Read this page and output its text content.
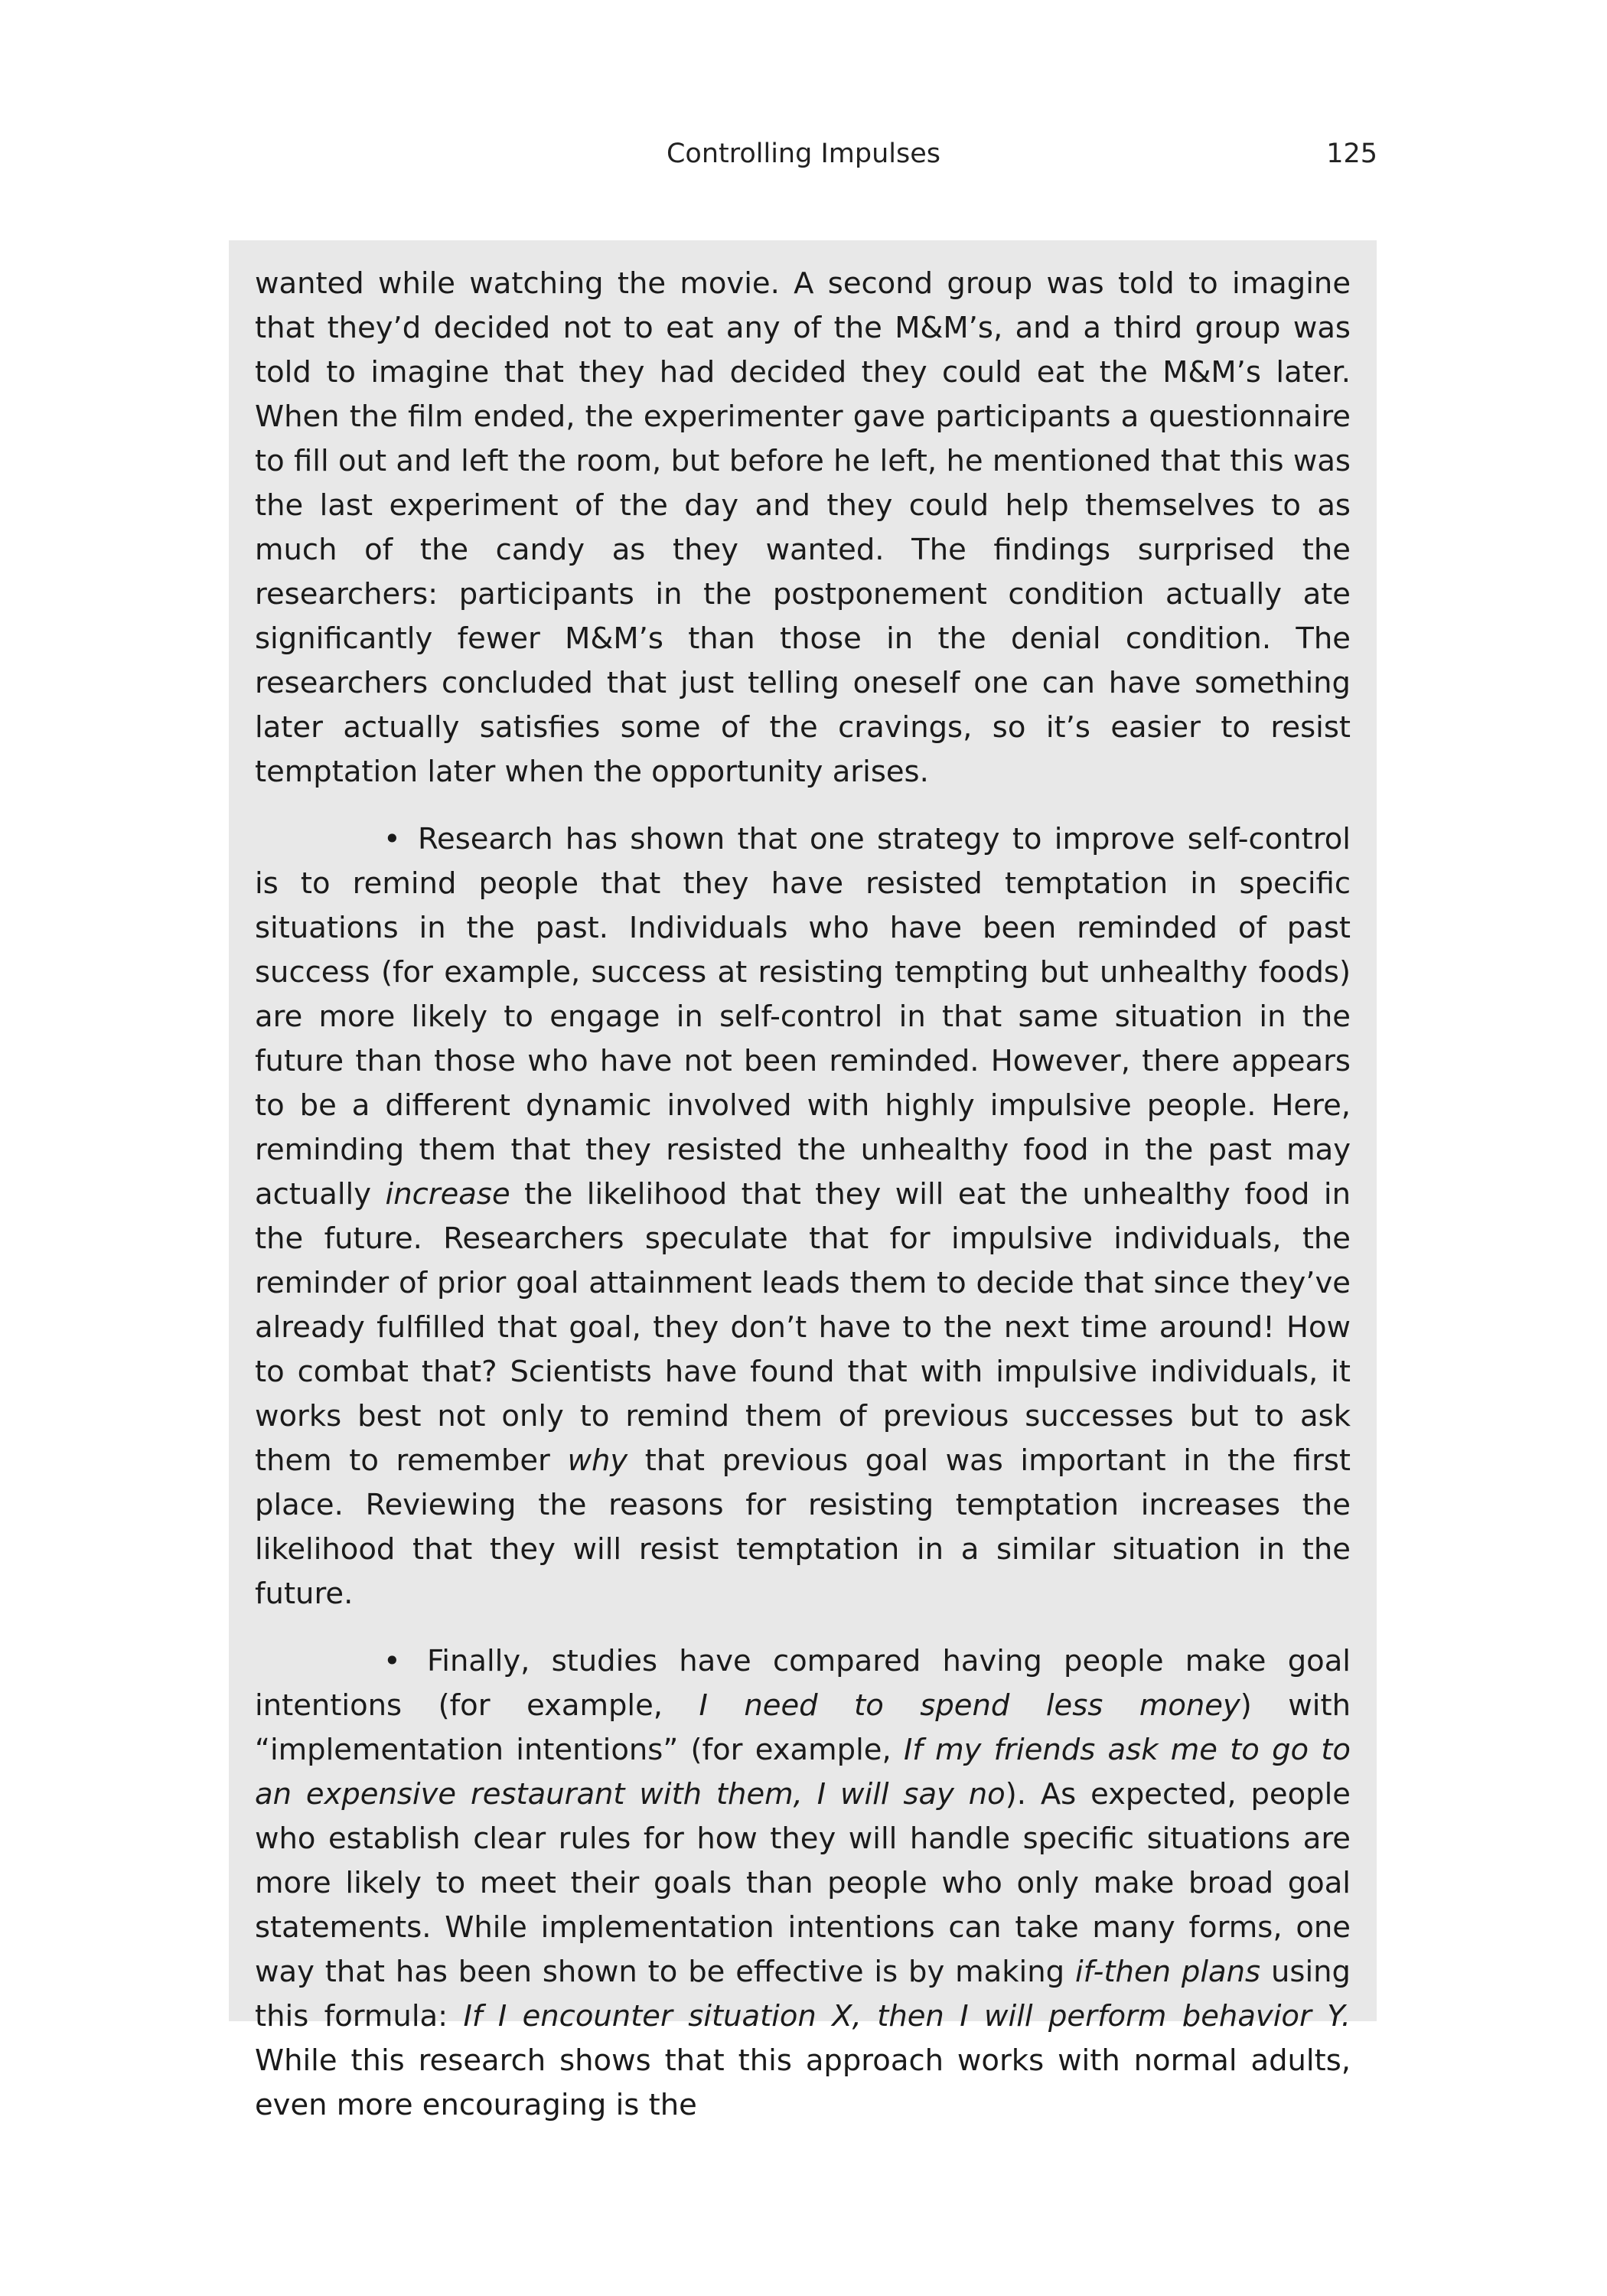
Controlling Impulses	125

wanted while watching the movie. A second group was told to imagine that they’d decided not to eat any of the M&M’s, and a third group was told to imagine that they had decided they could eat the M&M’s later. When the film ended, the experimenter gave participants a questionnaire to fill out and left the room, but before he left, he mentioned that this was the last experiment of the day and they could help themselves to as much of the candy as they wanted. The findings surprised the researchers: participants in the postponement condition actually ate significantly fewer M&M’s than those in the denial condition. The researchers concluded that just telling oneself one can have something later actually satisfies some of the cravings, so it’s easier to resist temptation later when the opportunity arises.

• Research has shown that one strategy to improve self-control is to remind people that they have resisted temptation in specific situations in the past. Individuals who have been reminded of past success (for example, success at resisting tempting but unhealthy foods) are more likely to engage in self-control in that same situation in the future than those who have not been reminded. However, there appears to be a different dynamic involved with highly impulsive people. Here, reminding them that they resisted the unhealthy food in the past may actually increase the likelihood that they will eat the unhealthy food in the future. Researchers speculate that for impulsive individuals, the reminder of prior goal attainment leads them to decide that since they’ve already fulfilled that goal, they don’t have to the next time around! How to combat that? Scientists have found that with impulsive individuals, it works best not only to remind them of previous successes but to ask them to remember why that previous goal was important in the first place. Reviewing the reasons for resisting temptation increases the likelihood that they will resist temptation in a similar situation in the future.

• Finally, studies have compared having people make goal intentions (for example, I need to spend less money) with “implementation intentions” (for example, If my friends ask me to go to an expensive restaurant with them, I will say no). As expected, people who establish clear rules for how they will handle specific situations are more likely to meet their goals than people who only make broad goal statements. While implementation intentions can take many forms, one way that has been shown to be effective is by making if-then plans using this formula: If I encounter situation X, then I will perform behavior Y. While this research shows that this approach works with normal adults, even more encouraging is the
